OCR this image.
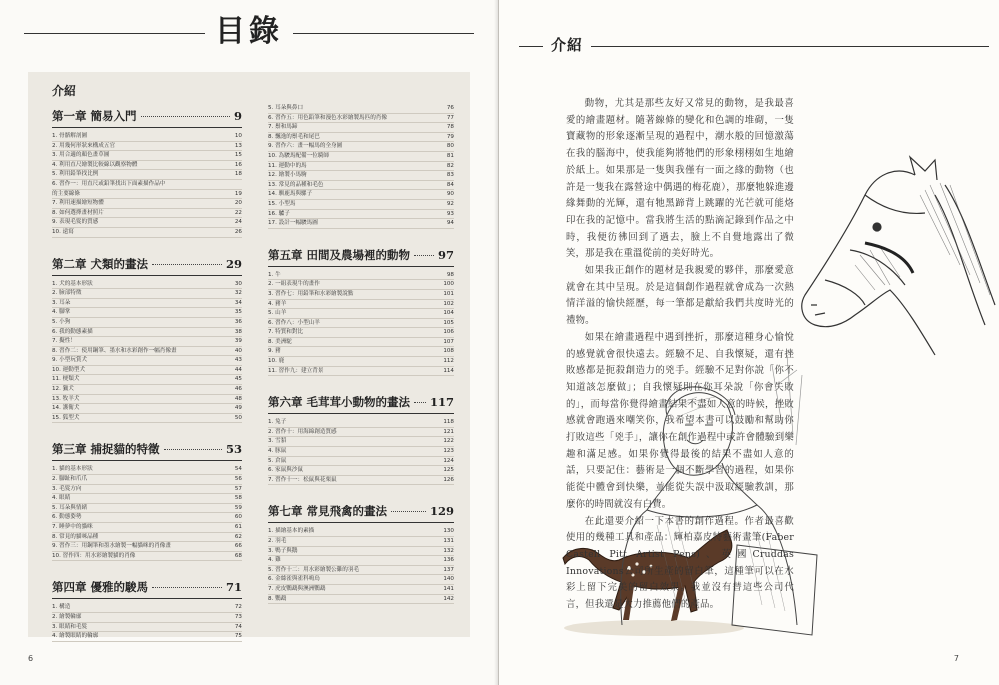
目錄
介紹
第一章 簡易入門	9
1. 骨骼解剖圖	10
2. 用幾何形狀來構成五官	13
3. 用合適的顏色畫草圖	15
4. 利用直尺繪製比較線以觀察物體	16
5. 利用鉛筆找比例	18
6. 習作一：用直尺或鉛筆找出下面素描作品中
的主要線條	19
7. 利用速描繪短物體	20
8. 如何選擇畫材照片	22
9. 表現毛髮的質感	24
10. 遠寫	26
第二章 犬類的畫法	29
1. 犬的基本形狀	30
2. 臉部特徵	32
3. 耳朵	34
4. 腳掌	35
5. 小狗	36
6. 我的動態素描	38
7. 擬性！	39
8. 習作二：使用鋼筆、墨水和水彩創作一幅肖像畫	40
9. 小型玩賞犬	43
10. 運動型犬	44
11. 梗類犬	45
12. 獵犬	46
13. 牧羊犬	48
14. 護衛犬	49
15. 狐型犬	50
第三章 捕捉貓的特徵	53
1. 貓的基本形狀	54
2. 腳趾和爪爪	56
3. 毛髮方向	57
4. 眼睛	58
5. 耳朵與情緒	59
6. 動態姿勢	60
7. 睡夢中的貓咪	61
8. 常見的貓咪品種	62
9. 習作三：用鋼筆和墨水繪製一幅貓咪的肖像畫	66
10. 習作四：用水彩繪製貓的肖像	68
第四章 優雅的駿馬	71
1. 構造	72
2. 繪製輪廓	73
3. 眼睛和毛髮	74
4. 繪製眼睛的輪廓	75
5. 耳朵與鼻口	76
6. 習作五：用色鉛筆和漫色水彩繪製馬匹的肖像	77
7. 鬃和馬蹄	78
8. 飄逸的鬃毛和尾巴	79
9. 習作六：畫一幅馬的全身圖	80
10. 為駿馬配備一位騎師	81
11. 運動中的馬	82
12. 繪製小馬駒	83
13. 常見的品種和毛色	84
14. 馴鹿馬與騾子	90
15. 小型馬	92
16. 驢子	93
17. 設計一幅駿馬圖	94
第五章 田間及農場裡的動物 97
1. 牛	98
2. 一組表現牛的畫作	100
3. 習作七：用鉛筆和水彩繪製說點	101
4. 豬羊	102
5. 山羊	104
6. 習作八：小型山羊	105
7. 特質和對比	106
8. 美洲駝	107
9. 豬	108
10. 鹿	112
11. 習作九：建立背景	114
第六章 毛茸茸小動物的畫法 117
1. 兔子	118
2. 習作十：用海綿創造質感	121
3. 雪貂	122
4. 豚鼠	123
5. 倉鼠	124
6. 家鼠與沙鼠	125
7. 習作十一：松鼠與花栗鼠	126
第七章 常見飛禽的畫法	129
1. 描繪基本的素描	130
2. 羽毛	131
3. 鴨子與鵝	132
4. 雞	136
5. 習作十二：用水彩繪製公雞的羽毛	137
6. 金絲雀與雀科鳴鳥	140
7. 虎皮鸚鵡與澳洲鸚鵡	141
8. 鸚鵡	142
6
介紹
7

動物，尤其是那些友好又常見的動物，是我最喜愛的繪畫題材。隨著線條的變化和色調的堆砌，一隻寶藏物的形象逐漸呈現的過程中，潮水般的回憶激蕩在我的腦海中，使我能夠將牠們的形象栩栩如生地繪於紙上。如果那是一隻與我僅有一面之緣的動物（也許是一隻我在露營途中偶遇的梅花鹿），那麼牠躲進邊緣舞動的光輝，還有牠黑蹄背上跳躍的光芒就可能烙印在我的記憶中。當我將生活的點滴記錄到作品之中時，我便彷彿回到了過去，臉上不自覺地露出了微笑，那是我在重溫從前的美好時光。

如果我正創作的題材是我親愛的夥伴，那麼愛意就會在其中呈現。於是這個創作過程就會成為一次熱情洋溢的愉快經歷，每一筆都是獻給我們共度時光的禮物。

如果在繪畫過程中遇到挫折，那麼這種身心愉悅的感覺就會很快遠去。經驗不足、自我懷疑，還有挫敗感都是扼殺創造力的兇手。經驗不足對你說「你不知道該怎麼做」；自我懷疑則在你耳朵說「你會失敗的」，而每當你覺得繪畫結果不盡如人意的時候，挫敗感就會跑過來嘲笑你，我希望本書可以鼓勵和幫助你打敗這些「兇手」，讓你在創作過程中或許會體驗到樂趣和滿足感。如果你覺得最後的結果不盡如人意的話，只要記住：藝術是一個不斷學習的過程，如果你能從中體會到快樂，並能從失誤中汲取經驗教訓，那麼你的時間就沒有白費。

在此還要介紹一下本書的創作過程。作者最喜歡使用的幾種工具和產品：輝柏嘉皮特藝術畫筆(Faber Castell Pitt Artist Pens)、英國Cruddas Innovations公司所生產的留白筆，這種筆可以在水彩上留下完美的留白效果。我並沒有替這些公司代言，但我還是大力推薦他們的產品。
